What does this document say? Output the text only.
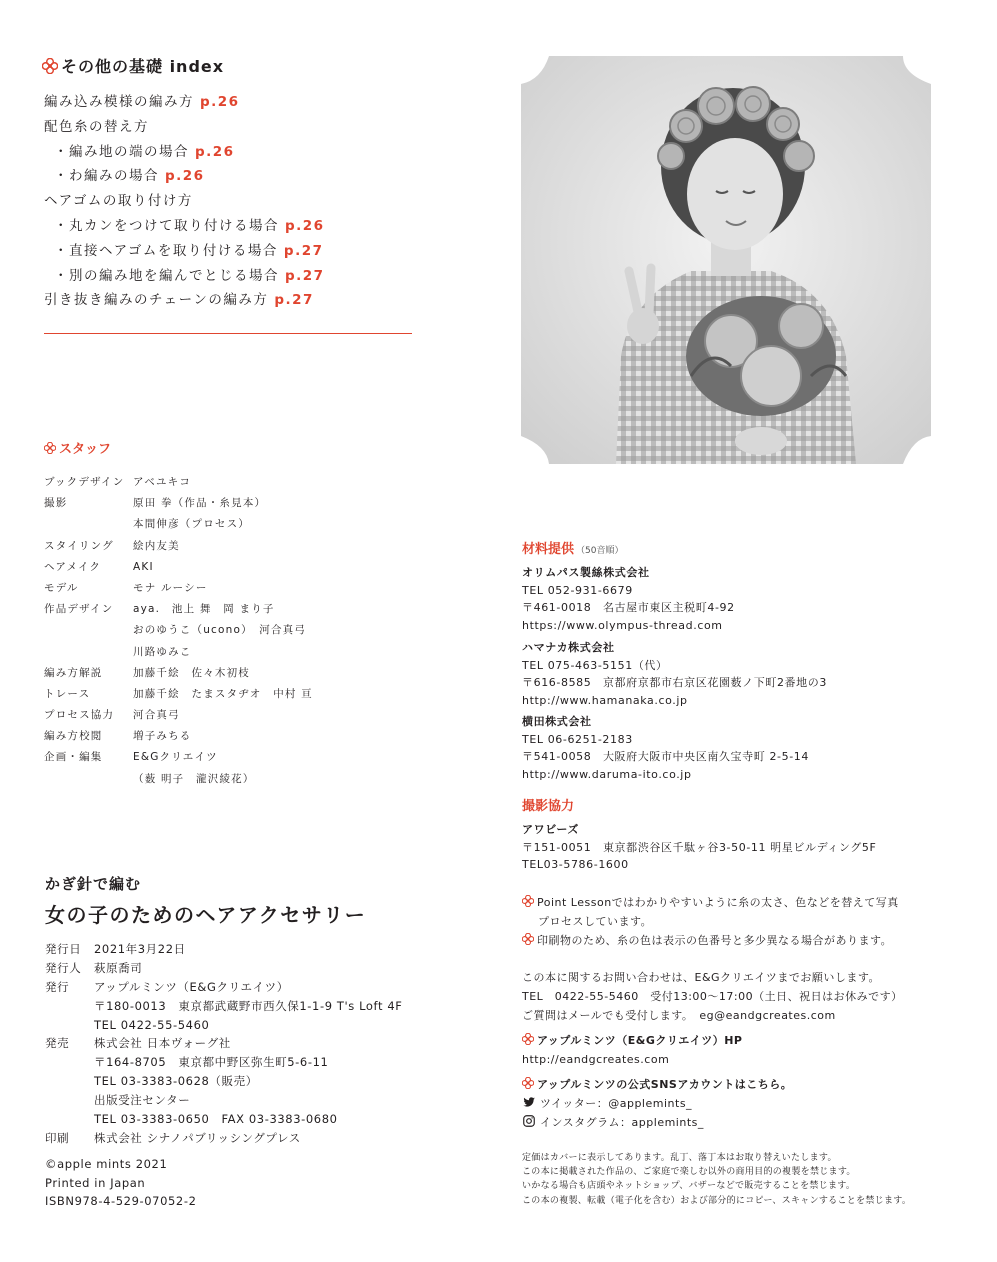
その他の基礎 index
編み込み模様の編み方 p.26
配色糸の替え方
・編み地の端の場合 p.26
・わ編みの場合 p.26
ヘアゴムの取り付け方
・丸カンをつけて取り付ける場合 p.26
・直接ヘアゴムを取り付ける場合 p.27
・別の編み地を編んでとじる場合 p.27
引き抜き編みのチェーンの編み方 p.27
スタッフ
ブックデザイン アベユキコ
撮影	原田 拳（作品・糸見本）
本間伸彦（プロセス）
スタイリング 絵内友美
ヘアメイク	AKI
モデル	モナ ルーシー
作品デザイン aya.　池上 舞　岡 まり子
おのゆうこ（ucono）　河合真弓
川路ゆみこ
編み方解説	加藤千絵　佐々木初枝
トレース	加藤千絵　たまスタヂオ　中村 亘
プロセス協力 河合真弓
編み方校閲	増子みちる
企画・編集	E&Gクリエイツ
（薮 明子　瀧沢綾花）
かぎ針で編む
女の子のためのヘアアクセサリー
発行日 2021年3月22日
発行人 萩原喬司
発行 アップルミンツ（E&Gクリエイツ）
〒180-0013　東京都武蔵野市西久保1-1-9 T's Loft 4F
TEL 0422-55-5460
発売 株式会社 日本ヴォーグ社
〒164-8705　東京都中野区弥生町5-6-11
TEL 03-3383-0628（販売）
出版受注センター
TEL 03-3383-0650　FAX 03-3383-0680
印刷 株式会社 シナノパブリッシングプレス
©apple mints 2021
Printed in Japan
ISBN978-4-529-07052-2
材料提供 （50音順）
オリムパス製絲株式会社
TEL 052-931-6679
〒461-0018　名古屋市東区主税町4-92
https://www.olympus-thread.com
ハマナカ株式会社
TEL 075-463-5151（代）
〒616-8585　京都府京都市右京区花園薮ノ下町2番地の3
http://www.hamanaka.co.jp
横田株式会社
TEL 06-6251-2183
〒541-0058　大阪府大阪市中央区南久宝寺町 2-5-14
http://www.daruma-ito.co.jp
撮影協力
アワビーズ
〒151-0051　東京都渋谷区千駄ヶ谷3-50-11 明星ビルディング5F
TEL03-5786-1600
Point Lessonではわかりやすいように糸の太さ、色などを替えて写真
プロセスしています。
印刷物のため、糸の色は表示の色番号と多少異なる場合があります。
この本に関するお問い合わせは、E&Gクリエイツまでお願いします。
TEL　0422-55-5460　受付13:00〜17:00（土日、祝日はお休みです）
ご質問はメールでも受付します。　eg@eandgcreates.com
アップルミンツ（E&Gクリエイツ）HP
http://eandgcreates.com
アップルミンツの公式SNSアカウントはこちら。
ツイッター：@applemints_
インスタグラム：applemints_
定価はカバーに表示してあります。乱丁、落丁本はお取り替えいたします。
この本に掲載された作品の、ご家庭で楽しむ以外の商用目的の複製を禁じます。
いかなる場合も店頭やネットショップ、バザーなどで販売することを禁じます。
この本の複製、転載（電子化を含む）および部分的にコピー、スキャンすることを禁じます。
